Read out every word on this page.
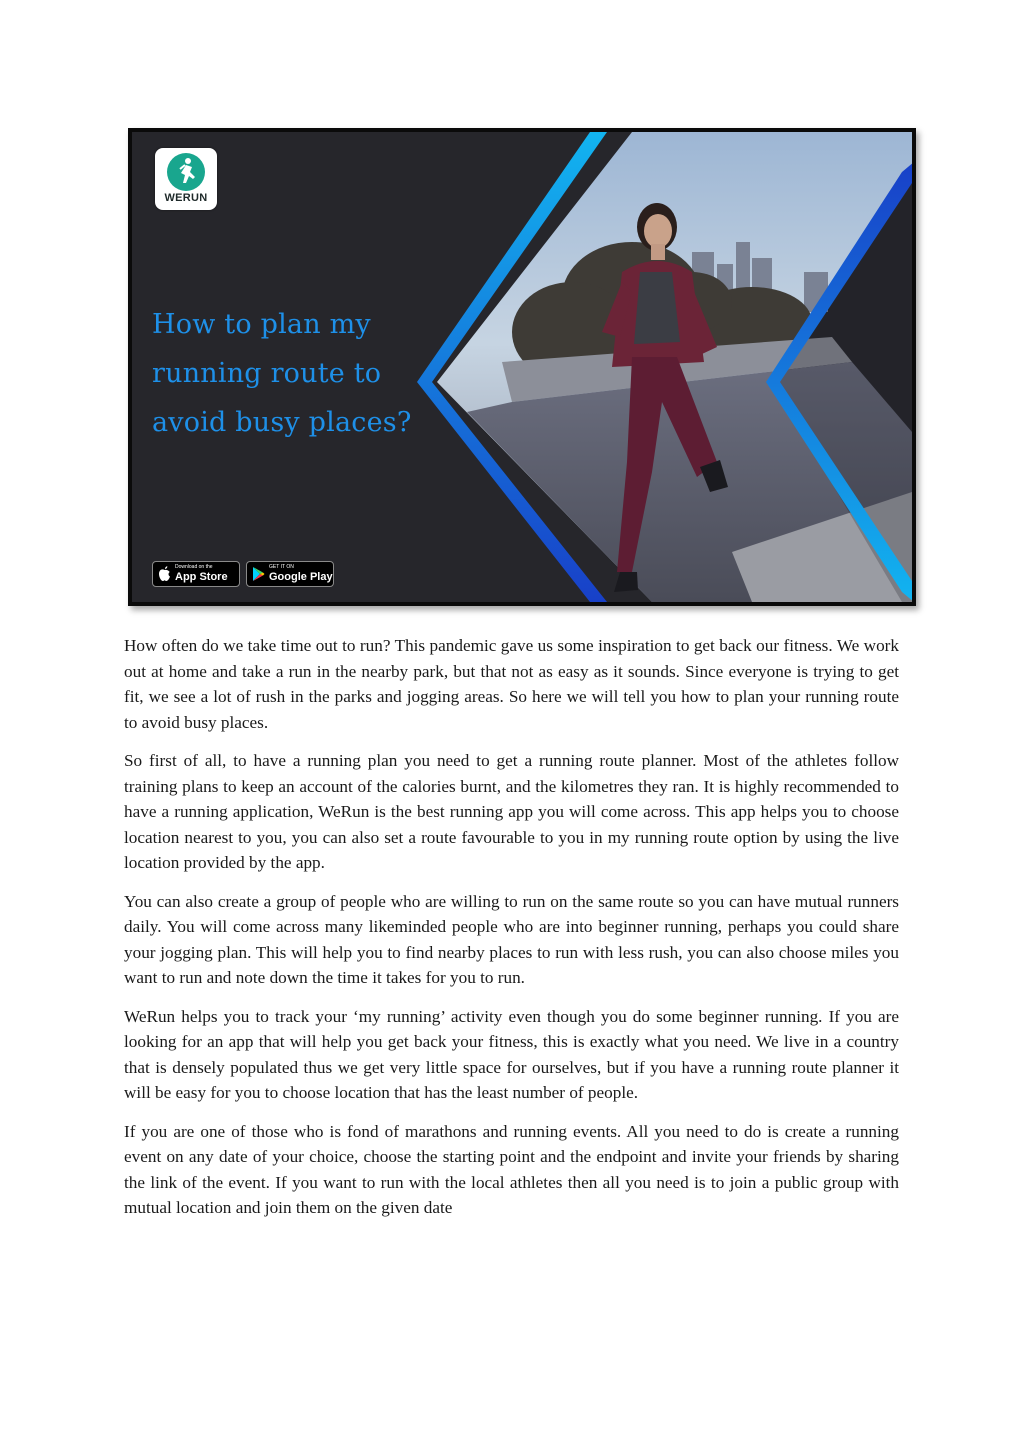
WERUN
How to plan my
running route to
avoid busy places?
Download on the
App Store
GET IT ON
Google Play

How often do we take time out to run? This pandemic gave us some inspiration to get back our fitness. We work out at home and take a run in the nearby park, but that not as easy as it sounds. Since everyone is trying to get fit, we see a lot of rush in the parks and jogging areas. So here we will tell you how to plan your running route to avoid busy places.

So first of all, to have a running plan you need to get a running route planner. Most of the athletes follow training plans to keep an account of the calories burnt, and the kilometres they ran. It is highly recommended to have a running application, WeRun is the best running app you will come across. This app helps you to choose location nearest to you, you can also set a route favourable to you in my running route option by using the live location provided by the app.

You can also create a group of people who are willing to run on the same route so you can have mutual runners daily. You will come across many likeminded people who are into beginner running, perhaps you could share your jogging plan. This will help you to find nearby places to run with less rush, you can also choose miles you want to run and note down the time it takes for you to run.

WeRun helps you to track your ‘my running’ activity even though you do some beginner running. If you are looking for an app that will help you get back your fitness, this is exactly what you need. We live in a country that is densely populated thus we get very little space for ourselves, but if you have a running route planner it will be easy for you to choose location that has the least number of people.

If you are one of those who is fond of marathons and running events. All you need to do is create a running event on any date of your choice, choose the starting point and the endpoint and invite your friends by sharing the link of the event. If you want to run with the local athletes then all you need is to join a public group with mutual location and join them on the given date
